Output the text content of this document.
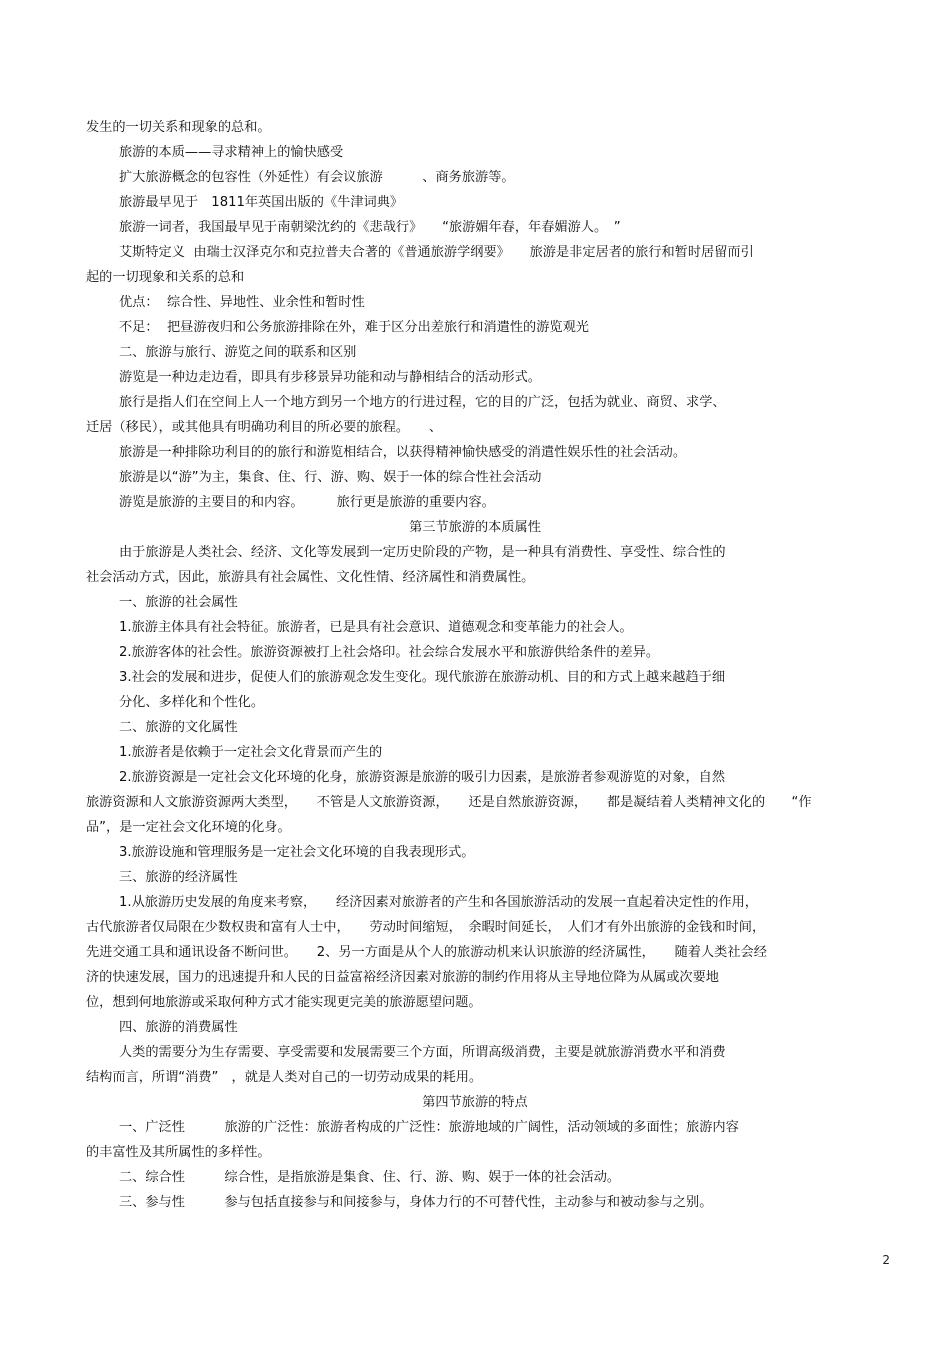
发生的一切关系和现象的总和。
旅游的本质——寻求精神上的愉快感受
扩大旅游概念的包容性（外延性）有会议旅游　　　、商务旅游等。
旅游最早见于　1811年英国出版的《牛津词典》
旅游一词者，我国最早见于南朝梁沈约的《悲哉行》　　“旅游媚年春，年春媚游人。　”
艾斯特定义  由瑞士汉泽克尔和克拉普夫合著的《普通旅游学纲要》　　旅游是非定居者的旅行和暂时居留而引
起的一切现象和关系的总和
优点：  综合性、异地性、业余性和暂时性
不足：  把昼游夜归和公务旅游排除在外，难于区分出差旅行和消遣性的游览观光
二、旅游与旅行、游览之间的联系和区别
游览是一种边走边看，即具有步移景异功能和动与静相结合的活动形式。
旅行是指人们在空间上人一个地方到另一个地方的行进过程，它的目的广泛，包括为就业、商贸、求学、
迁居（移民），或其他具有明确功利目的所必要的旅程。　　、
旅游是一种排除功利目的的旅行和游览相结合，以获得精神愉快感受的消遣性娱乐性的社会活动。
旅游是以“游”为主，集食、住、行、游、购、娱于一体的综合性社会活动
游览是旅游的主要目的和内容。　　　旅行更是旅游的重要内容。
第三节旅游的本质属性
由于旅游是人类社会、经济、文化等发展到一定历史阶段的产物，是一种具有消费性、享受性、综合性的
社会活动方式，因此，旅游具有社会属性、文化性情、经济属性和消费属性。
一、旅游的社会属性
1.旅游主体具有社会特征。旅游者，已是具有社会意识、道德观念和变革能力的社会人。
2.旅游客体的社会性。旅游资源被打上社会烙印。社会综合发展水平和旅游供给条件的差异。
3.社会的发展和进步，促使人们的旅游观念发生变化。现代旅游在旅游动机、目的和方式上越来越趋于细
分化、多样化和个性化。
二、旅游的文化属性
1.旅游者是依赖于一定社会文化背景而产生的
2.旅游资源是一定社会文化环境的化身，旅游资源是旅游的吸引力因素，是旅游者参观游览的对象，自然
旅游资源和人文旅游资源两大类型，　　不管是人文旅游资源，　　还是自然旅游资源，　　都是凝结着人类精神文化的　　“作
品”，是一定社会文化环境的化身。
3.旅游设施和管理服务是一定社会文化环境的自我表现形式。
三、旅游的经济属性
1.从旅游历史发展的角度来考察，　　经济因素对旅游者的产生和各国旅游活动的发展一直起着决定性的作用，
古代旅游者仅局限在少数权贵和富有人士中，　　劳动时间缩短，　余暇时间延长，　人们才有外出旅游的金钱和时间，
先进交通工具和通讯设备不断问世。　　2、另一方面是从个人的旅游动机来认识旅游的经济属性，　　随着人类社会经
济的快速发展，国力的迅速提升和人民的日益富裕经济因素对旅游的制约作用将从主导地位降为从属或次要地
位，想到何地旅游或采取何种方式才能实现更完美的旅游愿望问题。
四、旅游的消费属性
人类的需要分为生存需要、享受需要和发展需要三个方面，所谓高级消费，主要是就旅游消费水平和消费
结构而言，所谓“消费”　，就是人类对自己的一切劳动成果的耗用。
第四节旅游的特点
一、广泛性　　　旅游的广泛性：旅游者构成的广泛性：旅游地域的广阔性，活动领域的多面性；旅游内容
的丰富性及其所属性的多样性。
二、综合性　　　综合性，是指旅游是集食、住、行、游、购、娱于一体的社会活动。
三、参与性　　　参与包括直接参与和间接参与，身体力行的不可替代性，主动参与和被动参与之别。
2
